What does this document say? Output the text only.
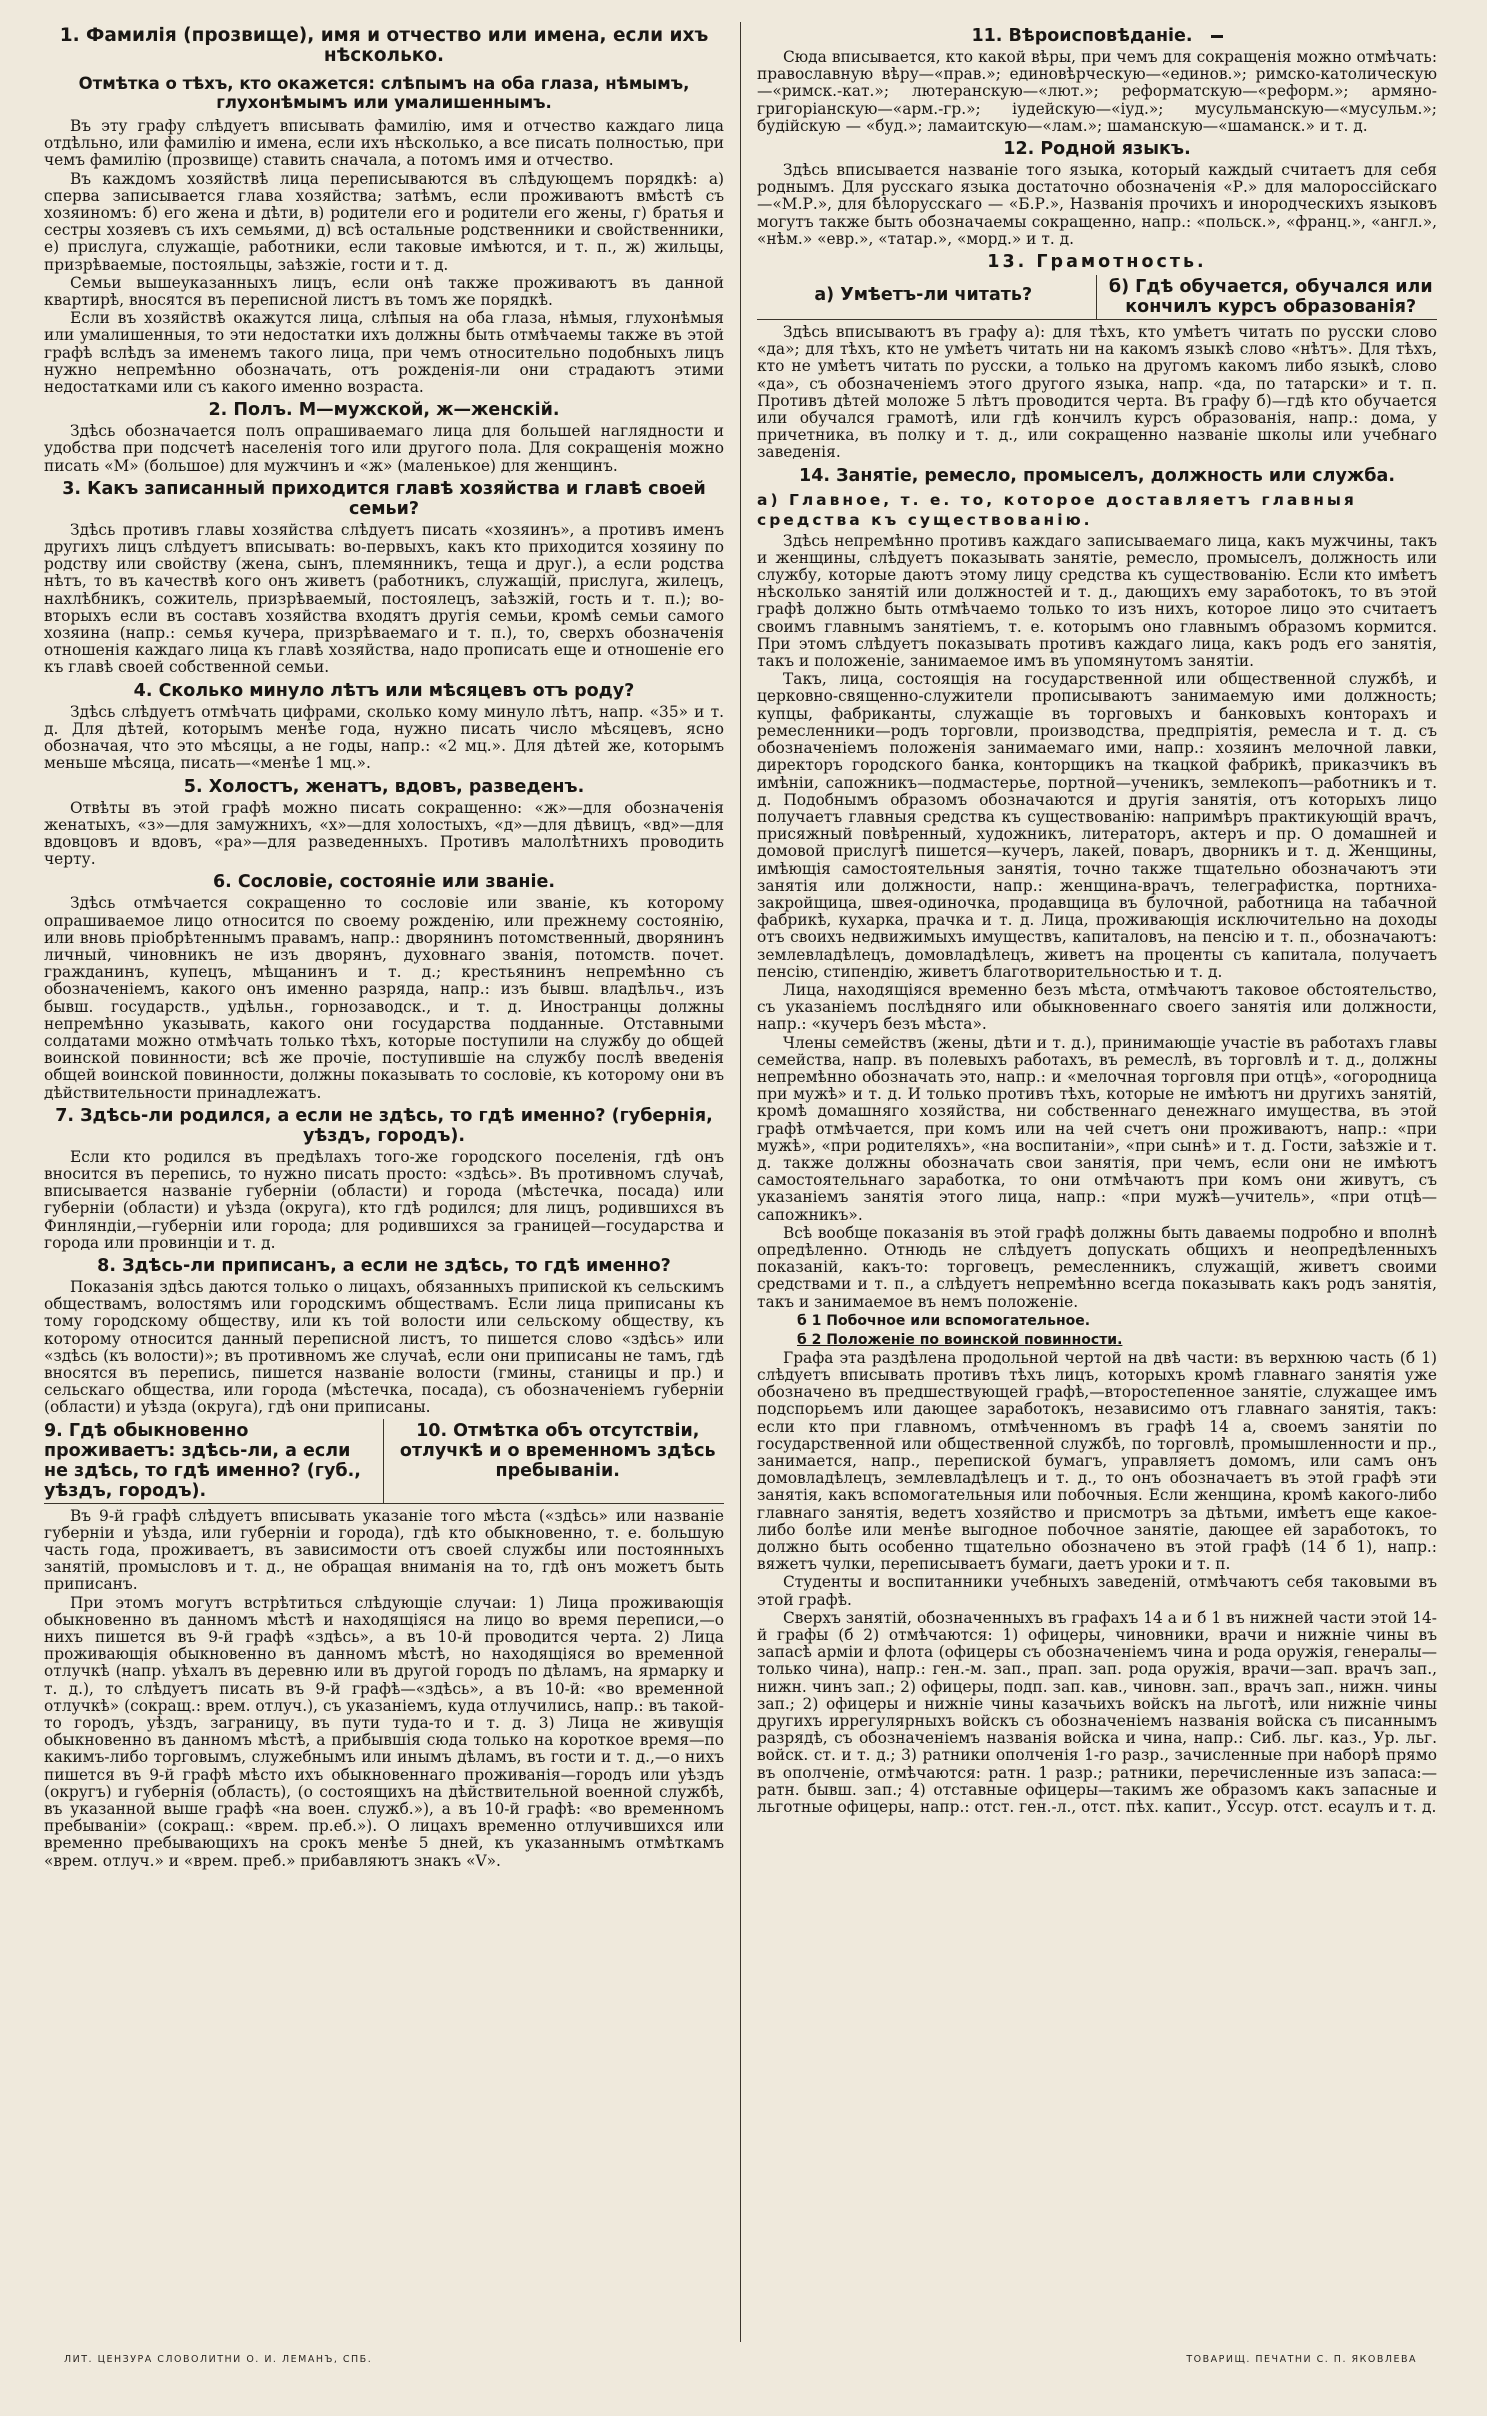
1. Фамилія (прозвище), имя и отчество или имена, если ихъ нѣсколько.
Отмѣтка о тѣхъ, кто окажется: слѣпымъ на оба глаза, нѣмымъ, глухонѣмымъ или умалишеннымъ.

Въ эту графу слѣдуетъ вписывать фамилію, имя и отчество каждаго лица отдѣльно, или фамилію и имена, если ихъ нѣсколько, а все писать полностью, при чемъ фамилію (прозвище) ставить сначала, а потомъ имя и отчество.

Въ каждомъ хозяйствѣ лица переписываются въ слѣдующемъ порядкѣ: а) сперва записывается глава хозяйства; затѣмъ, если проживаютъ вмѣстѣ съ хозяиномъ: б) его жена и дѣти, в) родители его и родители его жены, г) братья и сестры хозяевъ съ ихъ семьями, д) всѣ остальные родственники и свойственники, е) прислуга, служащіе, работники, если таковые имѣются, и т. п., ж) жильцы, призрѣваемые, постояльцы, заѣзжіе, гости и т. д.

Семьи вышеуказанныхъ лицъ, если онѣ также проживаютъ въ данной квартирѣ, вносятся въ переписной листъ въ томъ же порядкѣ.

Если въ хозяйствѣ окажутся лица, слѣпыя на оба глаза, нѣмыя, глухонѣмыя или умалишенныя, то эти недостатки ихъ должны быть отмѣчаемы также въ этой графѣ вслѣдъ за именемъ такого лица, при чемъ относительно подобныхъ лицъ нужно непремѣнно обозначать, отъ рожденія-ли они страдаютъ этими недостатками или съ какого именно возраста.

2. Полъ. М—мужской, ж—женскій.

Здѣсь обозначается полъ опрашиваемаго лица для большей наглядности и удобства при подсчетѣ населенія того или другого пола. Для сокращенія можно писать «М» (большое) для мужчинъ и «ж» (маленькое) для женщинъ.

3. Какъ записанный приходится главѣ хозяйства и главѣ своей семьи?

Здѣсь противъ главы хозяйства слѣдуетъ писать «хозяинъ», а противъ именъ другихъ лицъ слѣдуетъ вписывать: во-первыхъ, какъ кто приходится хозяину по родству или свойству (жена, сынъ, племянникъ, теща и друг.), а если родства нѣтъ, то въ качествѣ кого онъ живетъ (работникъ, служащій, прислуга, жилецъ, нахлѣбникъ, сожитель, призрѣваемый, постоялецъ, заѣзжій, гость и т. п.); во-вторыхъ если въ составъ хозяйства входятъ другія семьи, кромѣ семьи самого хозяина (напр.: семья кучера, призрѣваемаго и т. п.), то, сверхъ обозначенія отношенія каждаго лица къ главѣ хозяйства, надо прописать еще и отношеніе его къ главѣ своей собственной семьи.

4. Сколько минуло лѣтъ или мѣсяцевъ отъ роду?

Здѣсь слѣдуетъ отмѣчать цифрами, сколько кому минуло лѣтъ, напр. «35» и т. д. Для дѣтей, которымъ менѣе года, нужно писать число мѣсяцевъ, ясно обозначая, что это мѣсяцы, а не годы, напр.: «2 мц.». Для дѣтей же, которымъ меньше мѣсяца, писать—«менѣе 1 мц.».

5. Холостъ, женатъ, вдовъ, разведенъ.

Отвѣты въ этой графѣ можно писать сокращенно: «ж»—для обозначенія женатыхъ, «з»—для замужнихъ, «х»—для холостыхъ, «д»—для дѣвицъ, «вд»—для вдовцовъ и вдовъ, «ра»—для разведенныхъ. Противъ малолѣтнихъ проводить черту.

6. Сословіе, состояніе или званіе.

Здѣсь отмѣчается сокращенно то сословіе или званіе, къ которому опрашиваемое лицо относится по своему рожденію, или прежнему состоянію, или вновь пріобрѣтеннымъ правамъ, напр.: дворянинъ потомственный, дворянинъ личный, чиновникъ не изъ дворянъ, духовнаго званія, потомств. почет. гражданинъ, купецъ, мѣщанинъ и т. д.; крестьянинъ непремѣнно съ обозначеніемъ, какого онъ именно разряда, напр.: изъ бывш. владѣльч., изъ бывш. государств., удѣльн., горнозаводск., и т. д. Иностранцы должны непремѣнно указывать, какого они государства подданные. Отставными солдатами можно отмѣчать только тѣхъ, которые поступили на службу до общей воинской повинности; всѣ же прочіе, поступившіе на службу послѣ введенія общей воинской повинности, должны показывать то сословіе, къ которому они въ дѣйствительности принадлежатъ.

7. Здѣсь-ли родился, а если не здѣсь, то гдѣ именно? (губернія, уѣздъ, городъ).

Если кто родился въ предѣлахъ того-же городского поселенія, гдѣ онъ вносится въ перепись, то нужно писать просто: «здѣсь». Въ противномъ случаѣ, вписывается названіе губерніи (области) и города (мѣстечка, посада) или губерніи (области) и уѣзда (округа), кто гдѣ родился; для лицъ, родившихся въ Финляндіи,—губерніи или города; для родившихся за границей—государства и города или провинціи и т. д.

8. Здѣсь-ли приписанъ, а если не здѣсь, то гдѣ именно?

Показанія здѣсь даются только о лицахъ, обязанныхъ припиской къ сельскимъ обществамъ, волостямъ или городскимъ обществамъ. Если лица приписаны къ тому городскому обществу, или къ той волости или сельскому обществу, къ которому относится данный переписной листъ, то пишется слово «здѣсь» или «здѣсь (къ волости)»; въ противномъ же случаѣ, если они приписаны не тамъ, гдѣ вносятся въ перепись, пишется названіе волости (гмины, станицы и пр.) и сельскаго общества, или города (мѣстечка, посада), съ обозначеніемъ губерніи (области) и уѣзда (округа), гдѣ они приписаны.

9. Гдѣ обыкновенно проживаетъ: здѣсь-ли, а если не здѣсь, то гдѣ именно? (губ., уѣздъ, городъ).
10. Отмѣтка объ отсутствіи, отлучкѣ и о временномъ здѣсь пребываніи.

Въ 9-й графѣ слѣдуетъ вписывать указаніе того мѣста («здѣсь» или названіе губерніи и уѣзда, или губерніи и города), гдѣ кто обыкновенно, т. е. большую часть года, проживаетъ, въ зависимости отъ своей службы или постоянныхъ занятій, промысловъ и т. д., не обращая вниманія на то, гдѣ онъ можетъ быть приписанъ.

При этомъ могутъ встрѣтиться слѣдующіе случаи: 1) Лица проживающія обыкновенно въ данномъ мѣстѣ и находящіяся на лицо во время переписи,—о нихъ пишется въ 9-й графѣ «здѣсь», а въ 10-й проводится черта. 2) Лица проживающія обыкновенно въ данномъ мѣстѣ, но находящіяся во временной отлучкѣ (напр. уѣхалъ въ деревню или въ другой городъ по дѣламъ, на ярмарку и т. д.), то слѣдуетъ писать въ 9-й графѣ—«здѣсь», а въ 10-й: «во временной отлучкѣ» (сокращ.: врем. отлуч.), съ указаніемъ, куда отлучились, напр.: въ такой-то городъ, уѣздъ, заграницу, въ пути туда-то и т. д. 3) Лица не живущія обыкновенно въ данномъ мѣстѣ, а прибывшія сюда только на короткое время—по какимъ-либо торговымъ, служебнымъ или инымъ дѣламъ, въ гости и т. д.,—о нихъ пишется въ 9-й графѣ мѣсто ихъ обыкновеннаго проживанія—городъ или уѣздъ (округъ) и губернія (область), (о состоящихъ на дѣйствительной военной службѣ, въ указанной выше графѣ «на воен. служб.»), а въ 10-й графѣ: «во временномъ пребываніи» (сокращ.: «врем. пр.еб.»). О лицахъ временно отлучившихся или временно пребывающихъ на срокъ менѣе 5 дней, къ указаннымъ отмѣткамъ «врем. отлуч.» и «врем. преб.» прибавляютъ знакъ «V».

11. Вѣроисповѣданіе.

Сюда вписывается, кто какой вѣры, при чемъ для сокращенія можно отмѣчать: православную вѣру—«прав.»; единовѣрческую—«единов.»; римско-католическую—«римск.-кат.»; лютеранскую—«лют.»; реформатскую—«реформ.»; армяно-григоріанскую—«арм.-гр.»; іудейскую—«іуд.»; мусульманскую—«мусульм.»; будійскую — «буд.»; ламаитскую—«лам.»; шаманскую—«шаманск.» и т. д.

12. Родной языкъ.

Здѣсь вписывается названіе того языка, который каждый считаетъ для себя роднымъ. Для русскаго языка достаточно обозначенія «Р.» для малороссійскаго—«М.Р.», для бѣлорусскаго — «Б.Р.», Названія прочихъ и инородческихъ языковъ могутъ также быть обозначаемы сокращенно, напр.: «польск.», «франц.», «англ.», «нѣм.» «евр.», «татар.», «морд.» и т. д.

13. Грамотность.
а) Умѣетъ-ли читать?	б) Гдѣ обучается, обучался или кончилъ курсъ образованія?

Здѣсь вписываютъ въ графу а): для тѣхъ, кто умѣетъ читать по русски слово «да»; для тѣхъ, кто не умѣетъ читать ни на какомъ языкѣ слово «нѣтъ». Для тѣхъ, кто не умѣетъ читать по русски, а только на другомъ какомъ либо языкѣ, слово «да», съ обозначеніемъ этого другого языка, напр. «да, по татарски» и т. п. Противъ дѣтей моложе 5 лѣтъ проводится черта. Въ графу б)—гдѣ кто обучается или обучался грамотѣ, или гдѣ кончилъ курсъ образованія, напр.: дома, у причетника, въ полку и т. д., или сокращенно названіе школы или учебнаго заведенія.

14. Занятіе, ремесло, промыселъ, должность или служба.
а) Главное, т. е. то, которое доставляетъ главныя средства къ существованію.

Здѣсь непремѣнно противъ каждаго записываемаго лица, какъ мужчины, такъ и женщины, слѣдуетъ показывать занятіе, ремесло, промыселъ, должность или службу, которые даютъ этому лицу средства къ существованію. Если кто имѣетъ нѣсколько занятій или должностей и т. д., дающихъ ему заработокъ, то въ этой графѣ должно быть отмѣчаемо только то изъ нихъ, которое лицо это считаетъ своимъ главнымъ занятіемъ, т. е. которымъ оно главнымъ образомъ кормится. При этомъ слѣдуетъ показывать противъ каждаго лица, какъ родъ его занятія, такъ и положеніе, занимаемое имъ въ упомянутомъ занятіи.

Такъ, лица, состоящія на государственной или общественной службѣ, и церковно-священно-служители прописываютъ занимаемую ими должность; купцы, фабриканты, служащіе въ торговыхъ и банковыхъ конторахъ и ремесленники—родъ торговли, производства, предпріятія, ремесла и т. д. съ обозначеніемъ положенія занимаемаго ими, напр.: хозяинъ мелочной лавки, директоръ городского банка, конторщикъ на ткацкой фабрикѣ, приказчикъ въ имѣніи, сапожникъ—подмастерье, портной—ученикъ, землекопъ—работникъ и т. д. Подобнымъ образомъ обозначаются и другія занятія, отъ которыхъ лицо получаетъ главныя средства къ существованію: напримѣръ практикующій врачъ, присяжный повѣренный, художникъ, литераторъ, актеръ и пр. О домашней и домовой прислугѣ пишется—кучеръ, лакей, поваръ, дворникъ и т. д. Женщины, имѣющія самостоятельныя занятія, точно также тщательно обозначаютъ эти занятія или должности, напр.: женщина-врачъ, телеграфистка, портниха-закройщица, швея-одиночка, продавщица въ булочной, работница на табачной фабрикѣ, кухарка, прачка и т. д. Лица, проживающія исключительно на доходы отъ своихъ недвижимыхъ имуществъ, капиталовъ, на пенсію и т. п., обозначаютъ: землевладѣлецъ, домовладѣлецъ, живетъ на проценты съ капитала, получаетъ пенсію, стипендію, живетъ благотворительностью и т. д.

Лица, находящіяся временно безъ мѣста, отмѣчаютъ таковое обстоятельство, съ указаніемъ послѣдняго или обыкновеннаго своего занятія или должности, напр.: «кучеръ безъ мѣста».

Члены семействъ (жены, дѣти и т. д.), принимающіе участіе въ работахъ главы семейства, напр. въ полевыхъ работахъ, въ ремеслѣ, въ торговлѣ и т. д., должны непремѣнно обозначать это, напр.: и «мелочная торговля при отцѣ», «огородница при мужѣ» и т. д. И только противъ тѣхъ, которые не имѣютъ ни другихъ занятій, кромѣ домашняго хозяйства, ни собственнаго денежнаго имущества, въ этой графѣ отмѣчается, при комъ или на чей счетъ они проживаютъ, напр.: «при мужѣ», «при родителяхъ», «на воспитаніи», «при сынѣ» и т. д. Гости, заѣзжіе и т. д. также должны обозначать свои занятія, при чемъ, если они не имѣютъ самостоятельнаго заработка, то они отмѣчаютъ при комъ они живутъ, съ указаніемъ занятія этого лица, напр.: «при мужѣ—учитель», «при отцѣ—сапожникъ».

Всѣ вообще показанія въ этой графѣ должны быть даваемы подробно и вполнѣ опредѣленно. Отнюдь не слѣдуетъ допускать общихъ и неопредѣленныхъ показаній, какъ-то: торговецъ, ремесленникъ, служащій, живетъ своими средствами и т. п., а слѣдуетъ непремѣнно всегда показывать какъ родъ занятія, такъ и занимаемое въ немъ положеніе.

б 1 Побочное или вспомогательное.
б 2 Положеніе по воинской повинности.

Графа эта раздѣлена продольной чертой на двѣ части: въ верхнюю часть (б 1) слѣдуетъ вписывать противъ тѣхъ лицъ, которыхъ кромѣ главнаго занятія уже обозначено въ предшествующей графѣ,—второстепенное занятіе, служащее имъ подспорьемъ или дающее заработокъ, независимо отъ главнаго занятія, такъ: если кто при главномъ, отмѣченномъ въ графѣ 14 а, своемъ занятіи по государственной или общественной службѣ, по торговлѣ, промышленности и пр., занимается, напр., перепиской бумагъ, управляетъ домомъ, или самъ онъ домовладѣлецъ, землевладѣлецъ и т. д., то онъ обозначаетъ въ этой графѣ эти занятія, какъ вспомогательныя или побочныя. Если женщина, кромѣ какого-либо главнаго занятія, ведетъ хозяйство и присмотръ за дѣтьми, имѣетъ еще какое-либо болѣе или менѣе выгодное побочное занятіе, дающее ей заработокъ, то должно быть особенно тщательно обозначено въ этой графѣ (14 б 1), напр.: вяжетъ чулки, переписываетъ бумаги, даетъ уроки и т. п.

Студенты и воспитанники учебныхъ заведеній, отмѣчаютъ себя таковыми въ этой графѣ.

Сверхъ занятій, обозначенныхъ въ графахъ 14 а и б 1 въ нижней части этой 14-й графы (б 2) отмѣчаются: 1) офицеры, чиновники, врачи и нижніе чины въ запасѣ арміи и флота (офицеры съ обозначеніемъ чина и рода оружія, генералы—только чина), напр.: ген.-м. зап., прап. зап. рода оружія, врачи—зап. врачъ зап., нижн. чинъ зап.; 2) офицеры, подп. зап. кав., чиновн. зап., врачъ зап., нижн. чины зап.; 2) офицеры и нижніе чины казачьихъ войскъ на льготѣ, или нижніе чины другихъ иррегулярныхъ войскъ съ обозначеніемъ названія войска съ писаннымъ разрядѣ, съ обозначеніемъ названія войска и чина, напр.: Сиб. льг. каз., Ур. льг. войск. ст. и т. д.; 3) ратники ополченія 1-го разр., зачисленные при наборѣ прямо въ ополченіе, отмѣчаются: ратн. 1 разр.; ратники, перечисленные изъ запаса:—ратн. бывш. зап.; 4) отставные офицеры—такимъ же образомъ какъ запасные и льготные офицеры, напр.: отст. ген.-л., отст. пѣх. капит., Уссур. отст. есаулъ и т. д.

ЛИТ. ЦЕНЗУРА СЛОВОЛИТНИ О. И. ЛЕМАНЪ, СПБ.	ТОВАРИЩ. ПЕЧАТНИ С. П. ЯКОВЛЕВА
